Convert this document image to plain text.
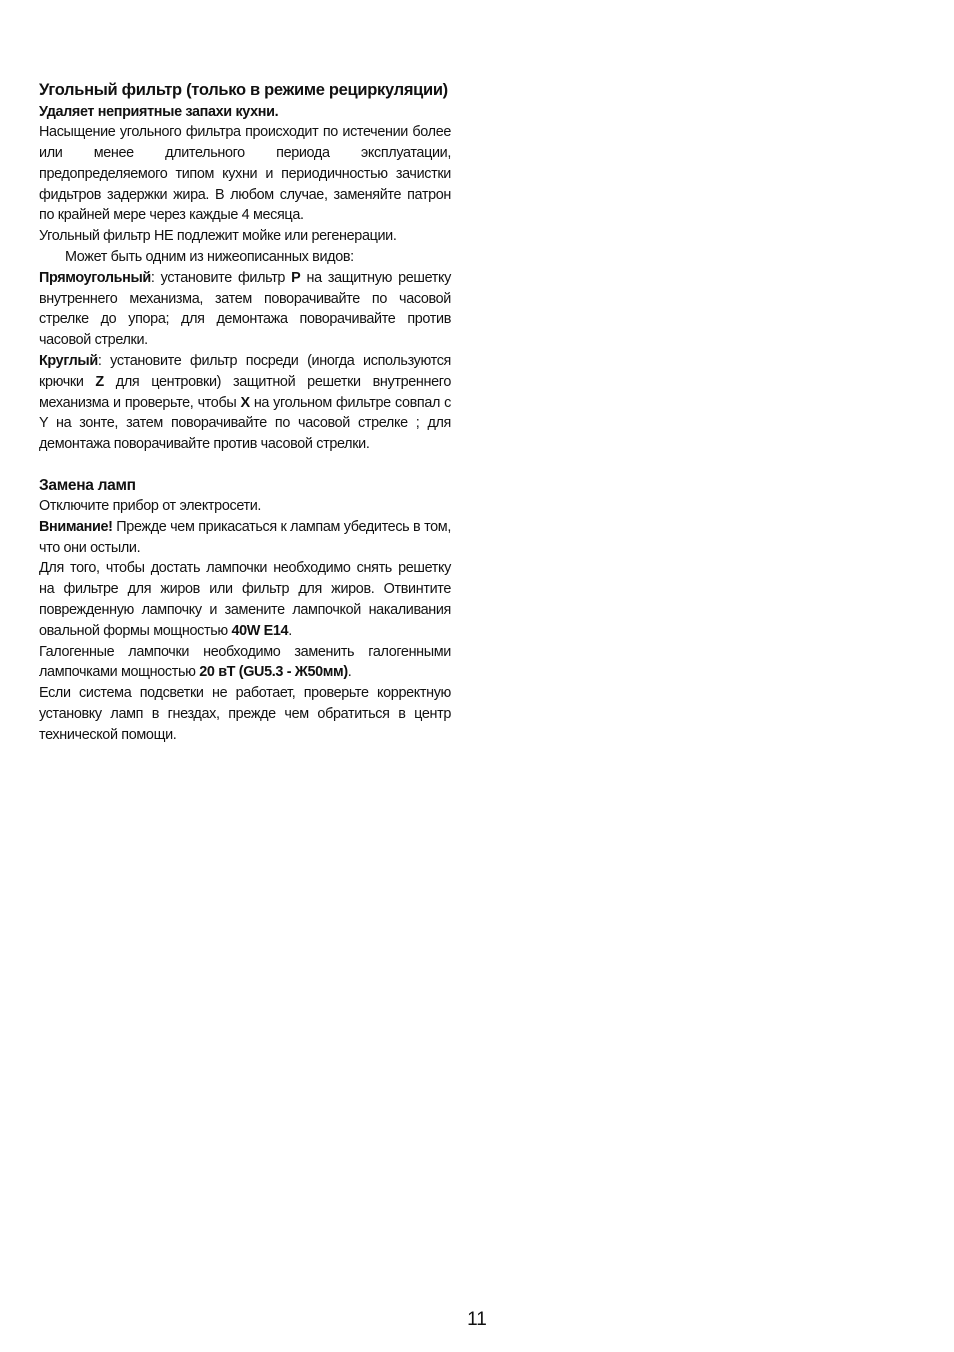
Угольный фильтр (только в режиме рециркуляции)

Удаляет неприятные запахи кухни.

Насыщение угольного фильтра происходит по истечении более или менее длительного периода эксплуатации, предопределяемого типом кухни и периодичностью зачистки фидьтров задержки жира. В любом случае, заменяйте патрон по крайней мере через каждые 4 месяца.

Угольный фильтр НЕ подлежит мойке или регенерации.

Может быть одним из нижеописанных видов:

Прямоугольный: установите фильтр P на защитную решетку внутреннего механизма, затем поворачивайте по часовой стрелке до упора; для демонтажа поворачивайте против часовой стрелки.

Круглый: установите фильтр посреди (иногда используются крючки Z для центровки) защитной решетки внутреннего механизма и проверьте, чтобы X на угольном фильтре совпал с Y на зонте, затем поворачивайте по часовой стрелке ; для демонтажа поворачивайте против часовой стрелки.

Замена ламп

Отключите прибор от электросети.

Внимание! Прежде чем прикасаться к лампам убедитесь в том, что они остыли.

Для того, чтобы достать лампочки необходимо снять решетку на фильтре для жиров или фильтр для жиров. Отвинтите поврежденную лампочку и замените лампочкой накаливания овальной формы мощностью 40W E14.

Галогенные лампочки необходимо заменить галогенными лампочками мощностью 20 вТ (GU5.3 - Ж50мм).

Если система подсветки не работает, проверьте корректную установку ламп в гнездах, прежде чем обратиться в центр технической помощи.

11
